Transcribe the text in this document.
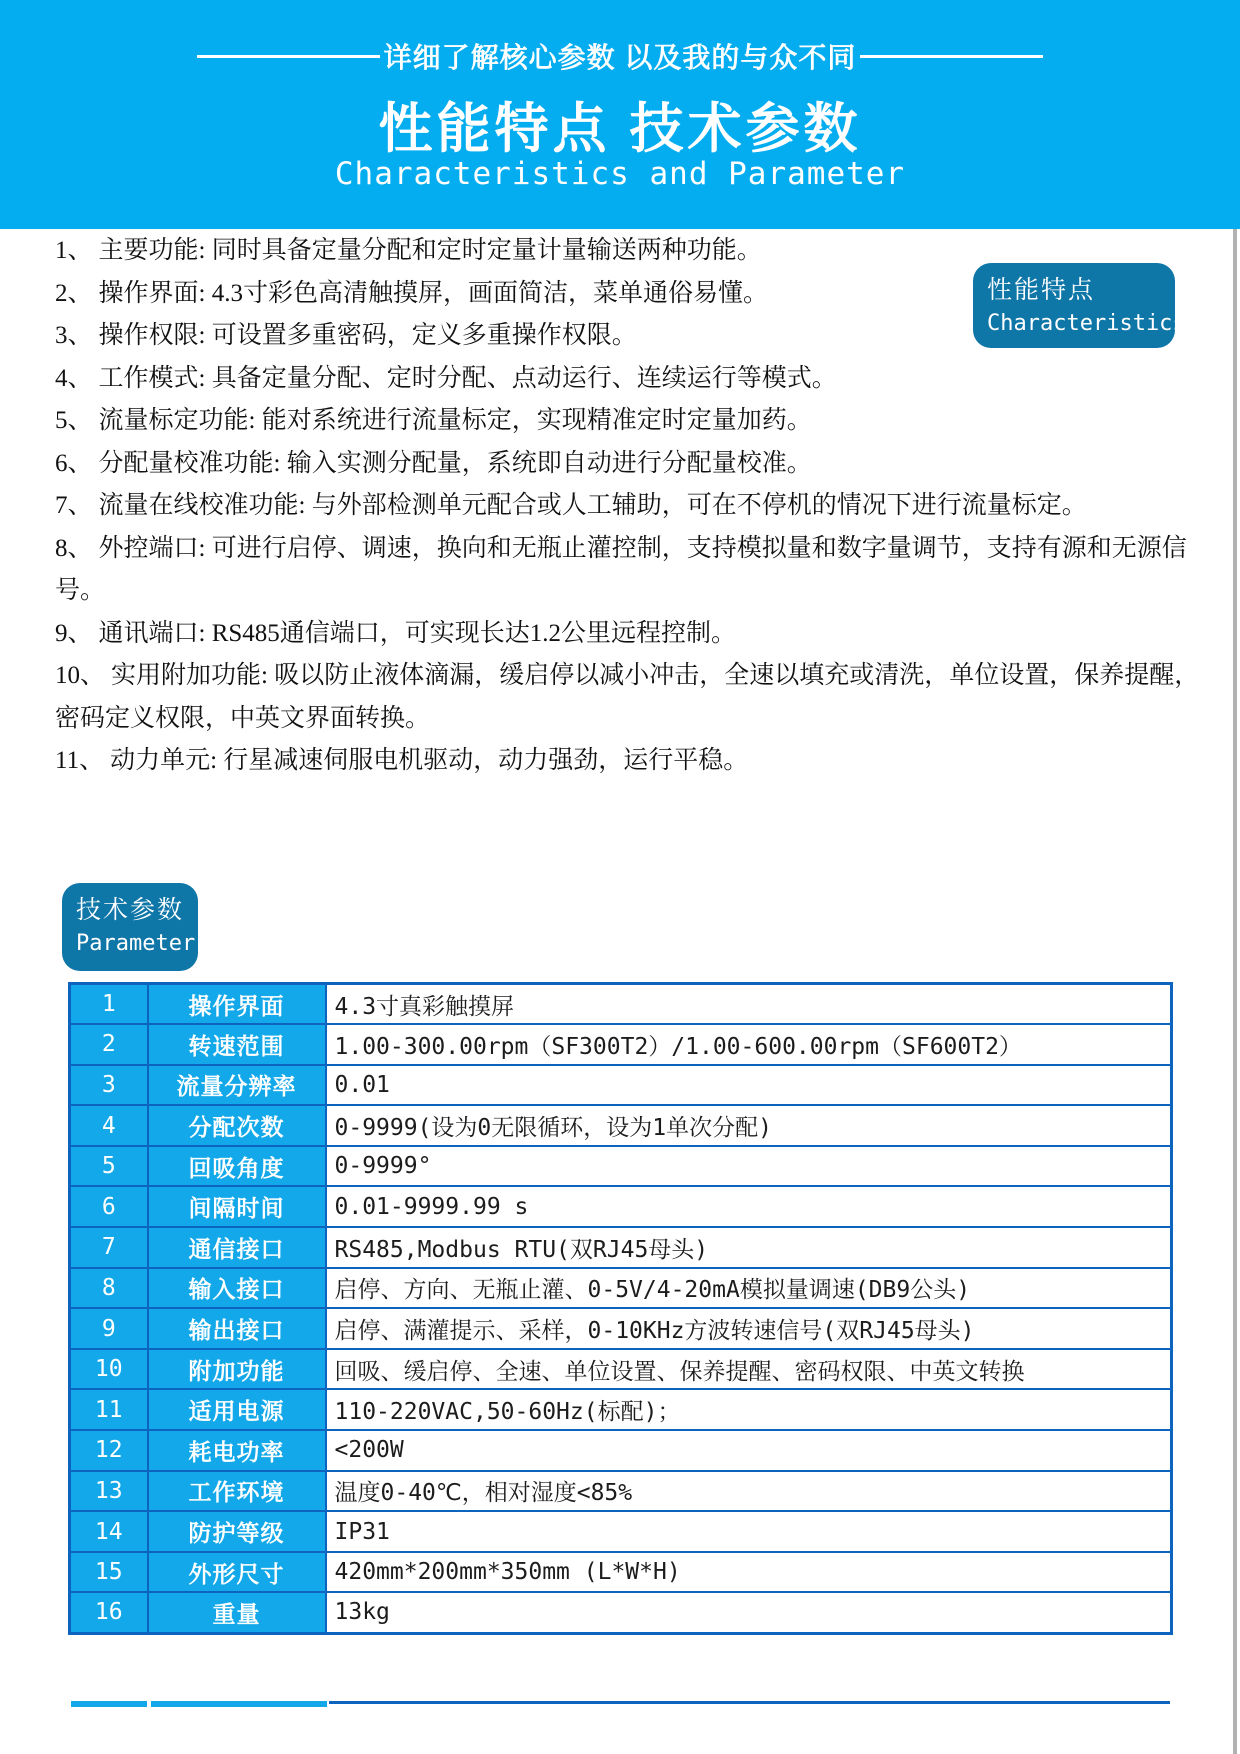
详细了解核心参数 以及我的与众不同
性能特点 技术参数
Characteristics and Parameter

1、 主要功能: 同时具备定量分配和定时定量计量输送两种功能。

2、 操作界面: 4.3寸彩色高清触摸屏，画面简洁，菜单通俗易懂。

3、 操作权限: 可设置多重密码，定义多重操作权限。

4、 工作模式: 具备定量分配、定时分配、点动运行、连续运行等模式。

5、 流量标定功能: 能对系统进行流量标定，实现精准定时定量加药。

6、 分配量校准功能: 输入实测分配量，系统即自动进行分配量校准。

7、 流量在线校准功能: 与外部检测单元配合或人工辅助，可在不停机的情况下进行流量标定。

8、 外控端口: 可进行启停、调速，换向和无瓶止灌控制，支持模拟量和数字量调节，支持有源和无源信号。

9、 通讯端口: RS485通信端口，可实现长达1.2公里远程控制。

10、 实用附加功能: 吸以防止液体滴漏，缓启停以减小冲击，全速以填充或清洗，单位设置，保养提醒，密码定义权限，中英文界面转换。

11、 动力单元: 行星减速伺服电机驱动，动力强劲，运行平稳。

性能特点
Characteristics
技术参数
Parameter
1	操作界面	4.3寸真彩触摸屏
2	转速范围	1.00-300.00rpm（SF300T2）/1.00-600.00rpm（SF600T2）
3	流量分辨率	0.01
4	分配次数	0-9999(设为0无限循环，设为1单次分配)
5	回吸角度	0-9999°
6	间隔时间	0.01-9999.99 s
7	通信接口	RS485,Modbus RTU(双RJ45母头)
8	输入接口	启停、方向、无瓶止灌、0-5V/4-20mA模拟量调速(DB9公头)
9	输出接口	启停、满灌提示、采样，0-10KHz方波转速信号(双RJ45母头)
10	附加功能	回吸、缓启停、全速、单位设置、保养提醒、密码权限、中英文转换
11	适用电源	110-220VAC,50-60Hz(标配)；
12	耗电功率	<200W
13	工作环境	温度0-40℃，相对湿度<85%
14	防护等级	IP31
15	外形尺寸	420mm*200mm*350mm (L*W*H)
16	重量	13kg
